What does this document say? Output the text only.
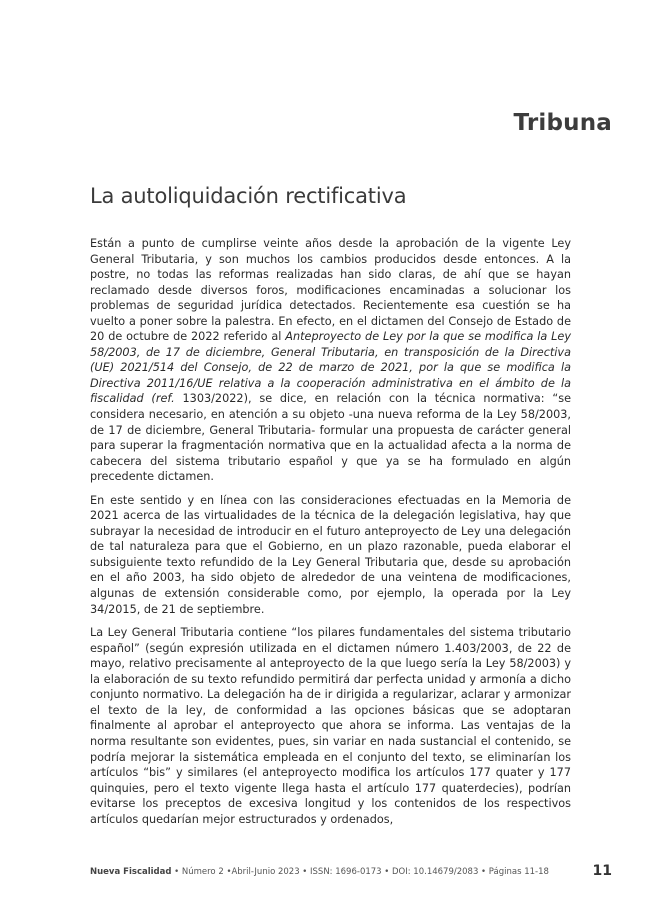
Tribuna
La autoliquidación rectificativa

Están a punto de cumplirse veinte años desde la aprobación de la vigente Ley General Tributaria, y son muchos los cambios producidos desde entonces. A la postre, no todas las reformas realizadas han sido claras, de ahí que se hayan reclamado desde diversos foros, modificaciones encaminadas a solucionar los problemas de seguridad jurídica detectados. Recientemente esa cuestión se ha vuelto a poner sobre la palestra. En efecto, en el dictamen del Consejo de Estado de 20 de octubre de 2022 referido al Anteproyecto de Ley por la que se modifica la Ley 58/2003, de 17 de diciembre, General Tributaria, en transposición de la Directiva (UE) 2021/514 del Consejo, de 22 de marzo de 2021, por la que se modifica la Directiva 2011/16/UE relativa a la cooperación administrativa en el ámbito de la fiscalidad (ref. 1303/2022), se dice, en relación con la técnica normativa: “se considera necesario, en atención a su objeto -una nueva reforma de la Ley 58/2003, de 17 de diciembre, General Tributaria- formular una propuesta de carácter general para superar la fragmentación normativa que en la actualidad afecta a la norma de cabecera del sistema tributario español y que ya se ha formulado en algún precedente dictamen.

En este sentido y en línea con las consideraciones efectuadas en la Memoria de 2021 acerca de las virtualidades de la técnica de la delegación legislativa, hay que subrayar la necesidad de introducir en el futuro anteproyecto de Ley una delegación de tal naturaleza para que el Gobierno, en un plazo razonable, pueda elaborar el subsiguiente texto refundido de la Ley General Tributaria que, desde su aprobación en el año 2003, ha sido objeto de alrededor de una veintena de modificaciones, algunas de extensión considerable como, por ejemplo, la operada por la Ley 34/2015, de 21 de septiembre.

La Ley General Tributaria contiene “los pilares fundamentales del sistema tributario español” (según expresión utilizada en el dictamen número 1.403/2003, de 22 de mayo, relativo precisamente al anteproyecto de la que luego sería la Ley 58/2003) y la elaboración de su texto refundido permitirá dar perfecta unidad y armonía a dicho conjunto normativo. La delegación ha de ir dirigida a regularizar, aclarar y armonizar el texto de la ley, de conformidad a las opciones básicas que se adoptaran finalmente al aprobar el anteproyecto que ahora se informa. Las ventajas de la norma resultante son evidentes, pues, sin variar en nada sustancial el contenido, se podría mejorar la sistemática empleada en el conjunto del texto, se eliminarían los artículos “bis” y similares (el anteproyecto modifica los artículos 177 quater y 177 quinquies, pero el texto vigente llega hasta el artículo 177 quaterdecies), podrían evitarse los preceptos de excesiva longitud y los contenidos de los respectivos artículos quedarían mejor estructurados y ordenados,

Nueva Fiscalidad • Número 2 •Abril-Junio 2023 • ISSN: 1696-0173 • DOI: 10.14679/2083 • Páginas 11-18	11
